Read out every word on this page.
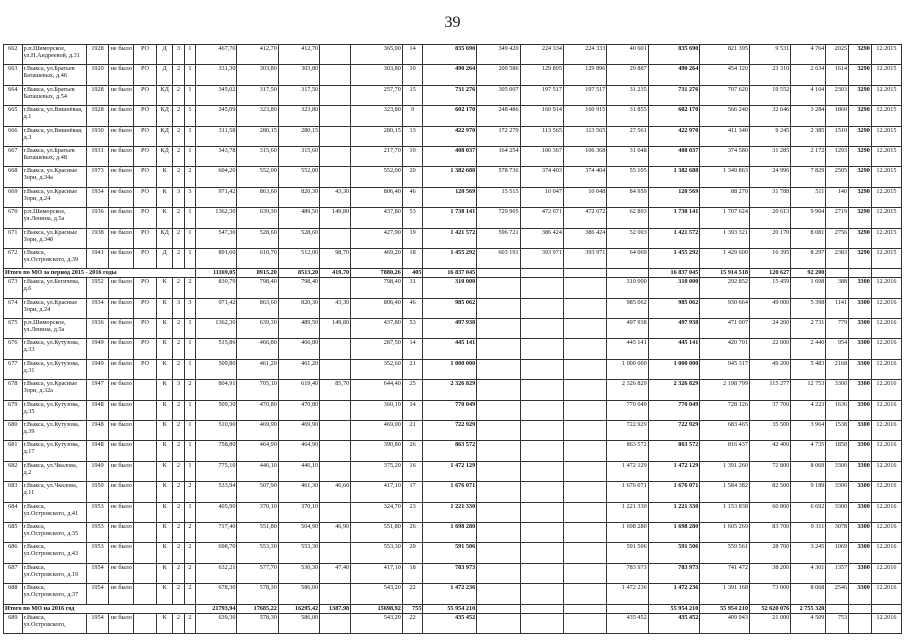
39
662	р.п.Шиморское, ул.Н.Андреевой, д.31	1928	не было	РО	Д	3	1	467,70	412,70	412,70		365,90	14	835 690	349 420	224 334	224 333	40 601	835 690	821 395	9 531	4 764	2025	3290	12.2015
663	г.Выкса, ул.Братьев Баташевых, д.46	1920	не было	РО	Д	2	1	331,30	303,80	303,80		303,80	10	490 264	200 586	129 895	129 896	29 887	490 264	454 120	23 310	2 634	1614	3290	12.2015
664	г.Выкса, ул.Братьев Баташевых, д.54	1928	не было	РО	КД	2	1	345,02	317,50	317,50		257,70	15	731 276	305 007	197 517	197 517	31 235	731 276	707 620	19 552	4 104	2303	3290	12.2015
665	г.Выкса, ул.Вишнёвая, д.1	1928	не было	РО	КД	2	1	345,09	323,80	323,80		323,80	9	602 170	248 486	160 914	160 915	31 855	602 170	566 240	32 646	3 284	1860	3290	12.2015
666	г.Выкса, ул.Вишнёвая, д.3	1930	не было	РО	КД	2	1	311,58	280,15	280,15		280,15	13	422 970	172 279	113 565	113 565	27 561	422 970	411 340	9 245	2 385	1510	3290	12.2015
667	г.Выкса, ул.Братьев Баташевых, д.48	1931	не было	РО	КД	2	1	343,78	315,60	315,60		217,70	10	408 037	164 254	106 367	106 368	31 048	408 037	374 580	31 285	2 172	1293	3290	12.2015
668	г.Выкса, ул.Красные Зори, д.34а	1973	не было	РО	К	2	2	604,20	552,00	552,00		552,00	20	1 382 688	578 736	374 403	374 404	55 105	1 382 688	1 349 863	24 996	7 829	2505	3290	12.2015
669	г.Выкса, ул.Красные Зори, д.24	1934	не было	РО	К	3	3	971,42	863,60	820,30	43,30	806,40	46	120 569	15 515	10 047	10 048	84 959	120 569	88 270	31 788	511	140	3290	12.2015
670	р.п.Шиморское, ул.Ленина, д.5а	1936	не было	РО	К	2	1	1362,30	639,30	489,50	149,80	437,80	53	1 738 141	729 905	472 671	472 672	62 893	1 738 141	1 707 624	20 613	9 904	2719	3290	12.2015
671	г.Выкса, ул.Красные Зори, д.34б	1938	не было	РО	КД	2	1	547,30	528,60	528,60		427,90	19	1 421 572	596 721	386 424	386 424	52 003	1 421 572	1 393 321	20 170	8 081	2756	3290	12.2015
672	г.Выкса, ул.Островского, д.39	1941	не было	РО	Д	2	1	891,60	610,70	512,00	98,70	469,20	18	1 455 292	603 191	393 971	393 971	64 069	1 455 292	1 429 600	16 395	8 297	2383	3290	12.2015
Итого по МО за период 2015 - 2016 годы								11169,05	8915,20	8513,20	419,70	7880,26	405	16 837 045					16 837 045	15 914 518	120 627	92 200			
673	г.Выкса, ул.Бегичева, д.6	1952	не было	РО	К	2	2	830,79	798,40	798,40		798,40	31	310 000				310 000	310 000	292 852	15 459	1 698	388	3300	12.2016
674	г.Выкса, ул.Красные Зори, д.24	1934	не было	РО	К	3	3	971,42	863,60	820,30	43,30	806,40	46	985 062				985 062	985 062	930 664	49 000	5 398	1141	3300	12.2016
675	р.п.Шиморское, ул.Ленина, д.5а	1936	не было	РО	К	2	1	1362,30	639,30	489,50	149,80	437,80	53	497 938				497 938	497 938	471 007	24 200	2 731	779	3300	12.2016
676	г.Выкса, ул.Кутузова, д.33	1949	не было	РО	К	2	1	515,86	466,80	466,80		287,50	14	445 141				445 141	445 141	420 701	22 000	2 440	954	3300	12.2016
677	г.Выкса, ул.Кутузова, д.31	1949	не было	РО	К	2	1	509,80	461,20	461,20		352,60	21	1 000 000				1 000 000	1 000 000	945 317	49 200	5 483	2168	3300	12.2016
678	г.Выкса, ул.Красные Зори, д.32а	1947	не было		К	3	2	804,91	705,10	619,40	85,70	644,40	25	2 326 829				2 326 829	2 326 829	2 198 799	115 277	12 753	3300	3300	12.2016
679	г.Выкса, ул.Кутузова, д.35	1948	не было		К	2	1	509,30	470,80	470,80		360,10	14	770 049				770 049	770 049	728 126	37 700	4 223	1636	3300	12.2016
680	г.Выкса, ул.Кутузова, д.39	1948	не было		К	2	1	510,90	469,90	469,90		469,90	21	722 929				722 929	722 929	683 465	35 500	3 964	1538	3300	12.2016
681	г.Выкса, ул.Кутузова, д.17	1948	не было		К	2	1	758,80	464,90	464,90		390,80	26	863 572				863 572	863 572	816 437	42 400	4 735	1858	3300	12.2016
682	г.Выкса, ул.Чкалова, д.2	1949	не было		К	2	1	775,10	446,10	446,10		375,20	16	1 472 129				1 472 129	1 472 129	1 391 260	72 800	8 069	3300	3300	12.2016
683	г.Выкса, ул.Чкалова, д.11	1950	не было		К	2	2	533,94	507,90	461,30	46,60	417,10	17	1 676 071				1 676 071	1 676 071	1 584 382	82 500	9 189	3300	3300	12.2016
684	г.Выкса, ул.Островского, д.41	1953	не было		К	2	1	405,90	370,10	370,10		324,70	23	1 221 330				1 221 330	1 221 330	1 153 838	60 800	6 692	3300	3300	12.2016
685	г.Выкса, ул.Островского, д.35	1953	не было		К	2	2	717,40	551,80	504,90	46,90	551,80	26	1 698 280				1 698 280	1 698 280	1 605 269	83 700	9 311	3078	3300	12.2016
686	г.Выкса, ул.Островского, д.43	1953	не было		К	2	2	698,70	553,30	553,30		553,30	29	591 506				591 506	591 506	559 561	28 700	3 245	1069	3300	12.2016
687	г.Выкса, ул.Островского, д.19	1954	не было		К	2	2	632,21	577,70	530,30	47,40	417,10	18	783 973				783 973	783 973	741 472	38 200	4 301	1357	3300	12.2016
688	г.Выкса, ул.Островского, д.37	1954	не было		К	2	2	678,30	578,30	586,00		543,20	22	1 472 236				1 472 236	1 472 236	1 391 168	73 000	8 068	2546	3300	12.2016
Итого по МО на 2016 год								21793,94	17685,22	16295,42	1387,98	15698,92	755	55 954 210					55 954 210	55 954 210	52 620 076	2 755 320			
689	г.Выкса, ул.Островского,	1954	не было		К	2	2	639,30	578,30	586,00		543,20	22	435 452				435 452	435 452	409 943	21 000	4 509	753		12.2016
